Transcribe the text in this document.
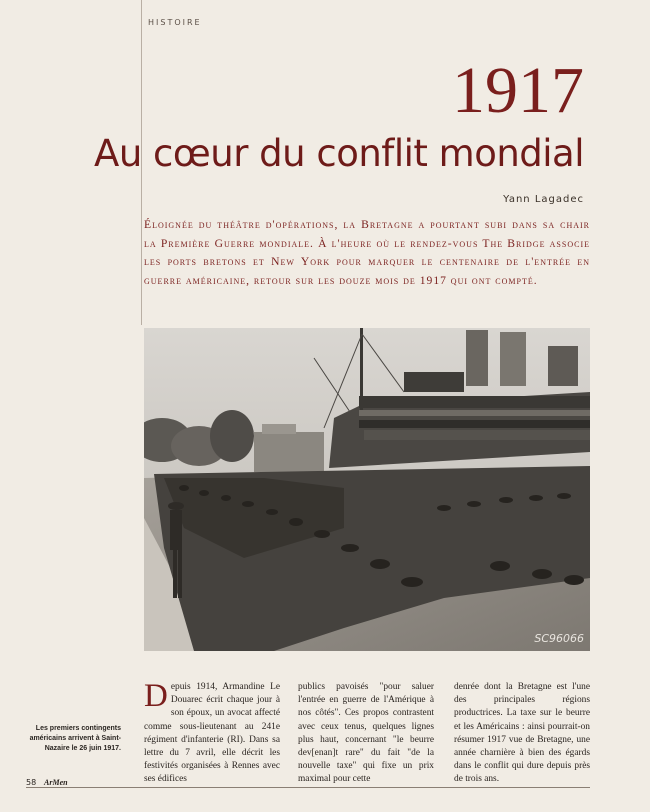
HISTOIRE
1917
Au cœur du conflit mondial
Yann Lagadec
Éloignée du théâtre d'opérations, la Bretagne a pourtant subi dans sa chair la Première Guerre mondiale. À l'heure où le rendez-vous The Bridge associe les ports bretons et New York pour marquer le centenaire de l'entrée en guerre américaine, retour sur les douze mois de 1917 qui ont compté.
SC96066
Les premiers contingents américains arrivent à Saint-Nazaire le 26 juin 1917.
Depuis 1914, Armandine Le Douarec écrit chaque jour à son époux, un avocat affecté comme sous-lieutenant au 241e régiment d'infanterie (RI). Dans sa lettre du 7 avril, elle décrit les festivités organisées à Rennes avec ses édifices
publics pavoisés "pour saluer l'entrée en guerre de l'Amérique à nos côtés". Ces propos contrastent avec ceux tenus, quelques lignes plus haut, concernant "le beurre dev[enan]t rare" du fait "de la nouvelle taxe" qui fixe un prix maximal pour cette
denrée dont la Bretagne est l'une des principales régions productrices. La taxe sur le beurre et les Américains : ainsi pourrait-on résumer 1917 vue de Bretagne, une année charnière à bien des égards dans le conflit qui dure depuis près de trois ans.
58 ArMen
